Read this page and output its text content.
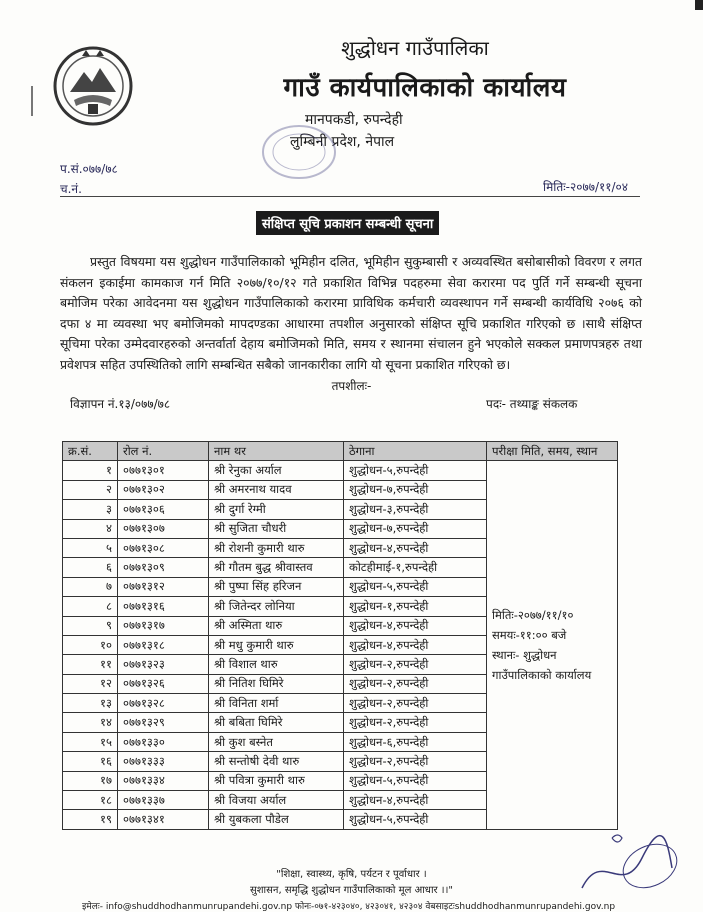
शुद्धोधन गाउँपालिका
गाउँ कार्यपालिकाको कार्यालय
मानपकडी, रुपन्देही
लुम्बिनी प्रदेश, नेपाल
प.सं.०७७/७८
च.नं.	मितिः-२०७७/११/०४
संक्षिप्त सूचि प्रकाशन सम्बन्धी सूचना
प्रस्तुत विषयमा यस शुद्धोधन गाउँपालिकाको भूमिहीन दलित, भूमिहीन सुकुम्बासी र अव्यवस्थित बसोबासीको विवरण र लगत संकलन इकाईमा कामकाज गर्न मिति २०७७/१०/१२ गते प्रकाशित विभिन्न पदहरुमा सेवा करारमा पद पुर्ति गर्ने सम्बन्धी सूचना बमोजिम परेका आवेदनमा यस शुद्धोधन गाउँपालिकाको करारमा प्राविधिक कर्मचारी व्यवस्थापन गर्ने सम्बन्धी कार्यविधि २०७६ को दफा ४ मा व्यवस्था भए बमोजिमको मापदण्डका आधारमा तपशील अनुसारको संक्षिप्त सूचि प्रकाशित गरिएको छ ।साथै संक्षिप्त सूचिमा परेका उम्मेदवारहरुको अन्तर्वार्ता देहाय बमोजिमको मिति, समय र स्थानमा संचालन हुने भएकोले सक्कल प्रमाणपत्रहरु तथा प्रवेशपत्र सहित उपस्थितिको लागि सम्बन्धित सबैको जानकारीका लागि यो सूचना प्रकाशित गरिएको छ।
तपशीलः-
विज्ञापन नं.१३/०७७/७८	पदः- तथ्याङ्क संकलक
क्र.सं.	रोल नं.	नाम थर	ठेगाना	परीक्षा मिति, समय, स्थान
१	०७७१३०१	श्री रेनुका अर्याल	शुद्धोधन-५,रुपन्देही	मितिः-२०७७/११/१०
समयः-११:०० बजे
स्थानः- शुद्धोधन
गाउँपालिकाको कार्यालय

२	०७७१३०२	श्री अमरनाथ यादव	शुद्धोधन-७,रुपन्देही	
३	०७७१३०६	श्री दुर्गा रेग्मी	शुद्धोधन-३,रुपन्देही	
४	०७७१३०७	श्री सुजिता चौधरी	शुद्धोधन-७,रुपन्देही	
५	०७७१३०८	श्री रोशनी कुमारी थारु	शुद्धोधन-४,रुपन्देही	
६	०७७१३०९	श्री गौतम बुद्ध श्रीवास्तव	कोटहीमाई-१,रुपन्देही	
७	०७७१३१२	श्री पुष्पा सिंह हरिजन	शुद्धोधन-५,रुपन्देही	
८	०७७१३१६	श्री जितेन्दर लोनिया	शुद्धोधन-१,रुपन्देही	
९	०७७१३१७	श्री अस्मिता थारु	शुद्धोधन-४,रुपन्देही	
१०	०७७१३१८	श्री मधु कुमारी थारु	शुद्धोधन-४,रुपन्देही	
११	०७७१३२३	श्री विशाल थारु	शुद्धोधन-२,रुपन्देही	
१२	०७७१३२६	श्री नितिश घिमिरे	शुद्धोधन-२,रुपन्देही	
१३	०७७१३२८	श्री विनिता शर्मा	शुद्धोधन-२,रुपन्देही	
१४	०७७१३२९	श्री बबिता घिमिरे	शुद्धोधन-२,रुपन्देही	
१५	०७७१३३०	श्री कुश बस्नेत	शुद्धोधन-६,रुपन्देही	
१६	०७७१३३३	श्री सन्तोषी देवी थारु	शुद्धोधन-२,रुपन्देही	
१७	०७७१३३४	श्री पवित्रा कुमारी थारु	शुद्धोधन-५,रुपन्देही	
१८	०७७१३३७	श्री विजया अर्याल	शुद्धोधन-४,रुपन्देही	
१९	०७७१३४१	श्री युबकला पौडेल	शुद्धोधन-५,रुपन्देही	
"शिक्षा, स्वास्थ्य, कृषि, पर्यटन र पूर्वाधार ।
सुशासन, समृद्धि शुद्धोधन गाउँपालिकाको मूल आधार ।।"
इमेलः- info@shuddhodhanmunrupandehi.gov.np फोनः-०७१-४२३०४०, ४२३०४१, ४२३०४ वेबसाइटःshuddhodhanmunrupandehi.gov.np
